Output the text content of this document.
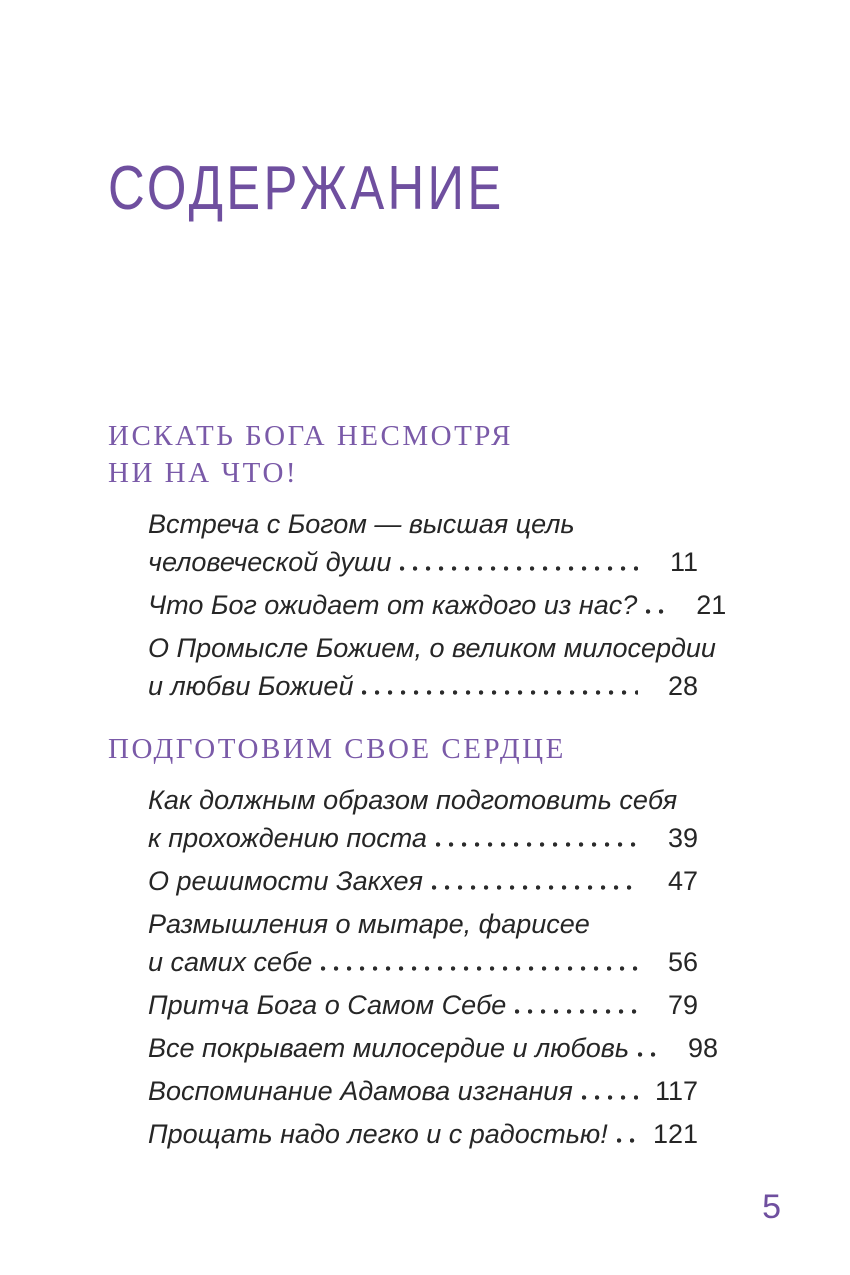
СОДЕРЖАНИЕ
ИСКАТЬ БОГА НЕСМОТРЯ
НИ НА ЧТО!
Встреча с Богом — высшая цель
человеческой души	11
Что Бог ожидает от каждого из нас?	21
О Промысле Божием, о великом милосердии
и любви Божией	28
ПОДГОТОВИМ СВОЕ СЕРДЦЕ
Как должным образом подготовить себя
к прохождению поста	39
О решимости Закхея	47
Размышления о мытаре, фарисее
и самих себе	56
Притча Бога о Самом Себе	79
Все покрывает милосердие и любовь	98
Воспоминание Адамова изгнания	117
Прощать надо легко и с радостью! 121
5
